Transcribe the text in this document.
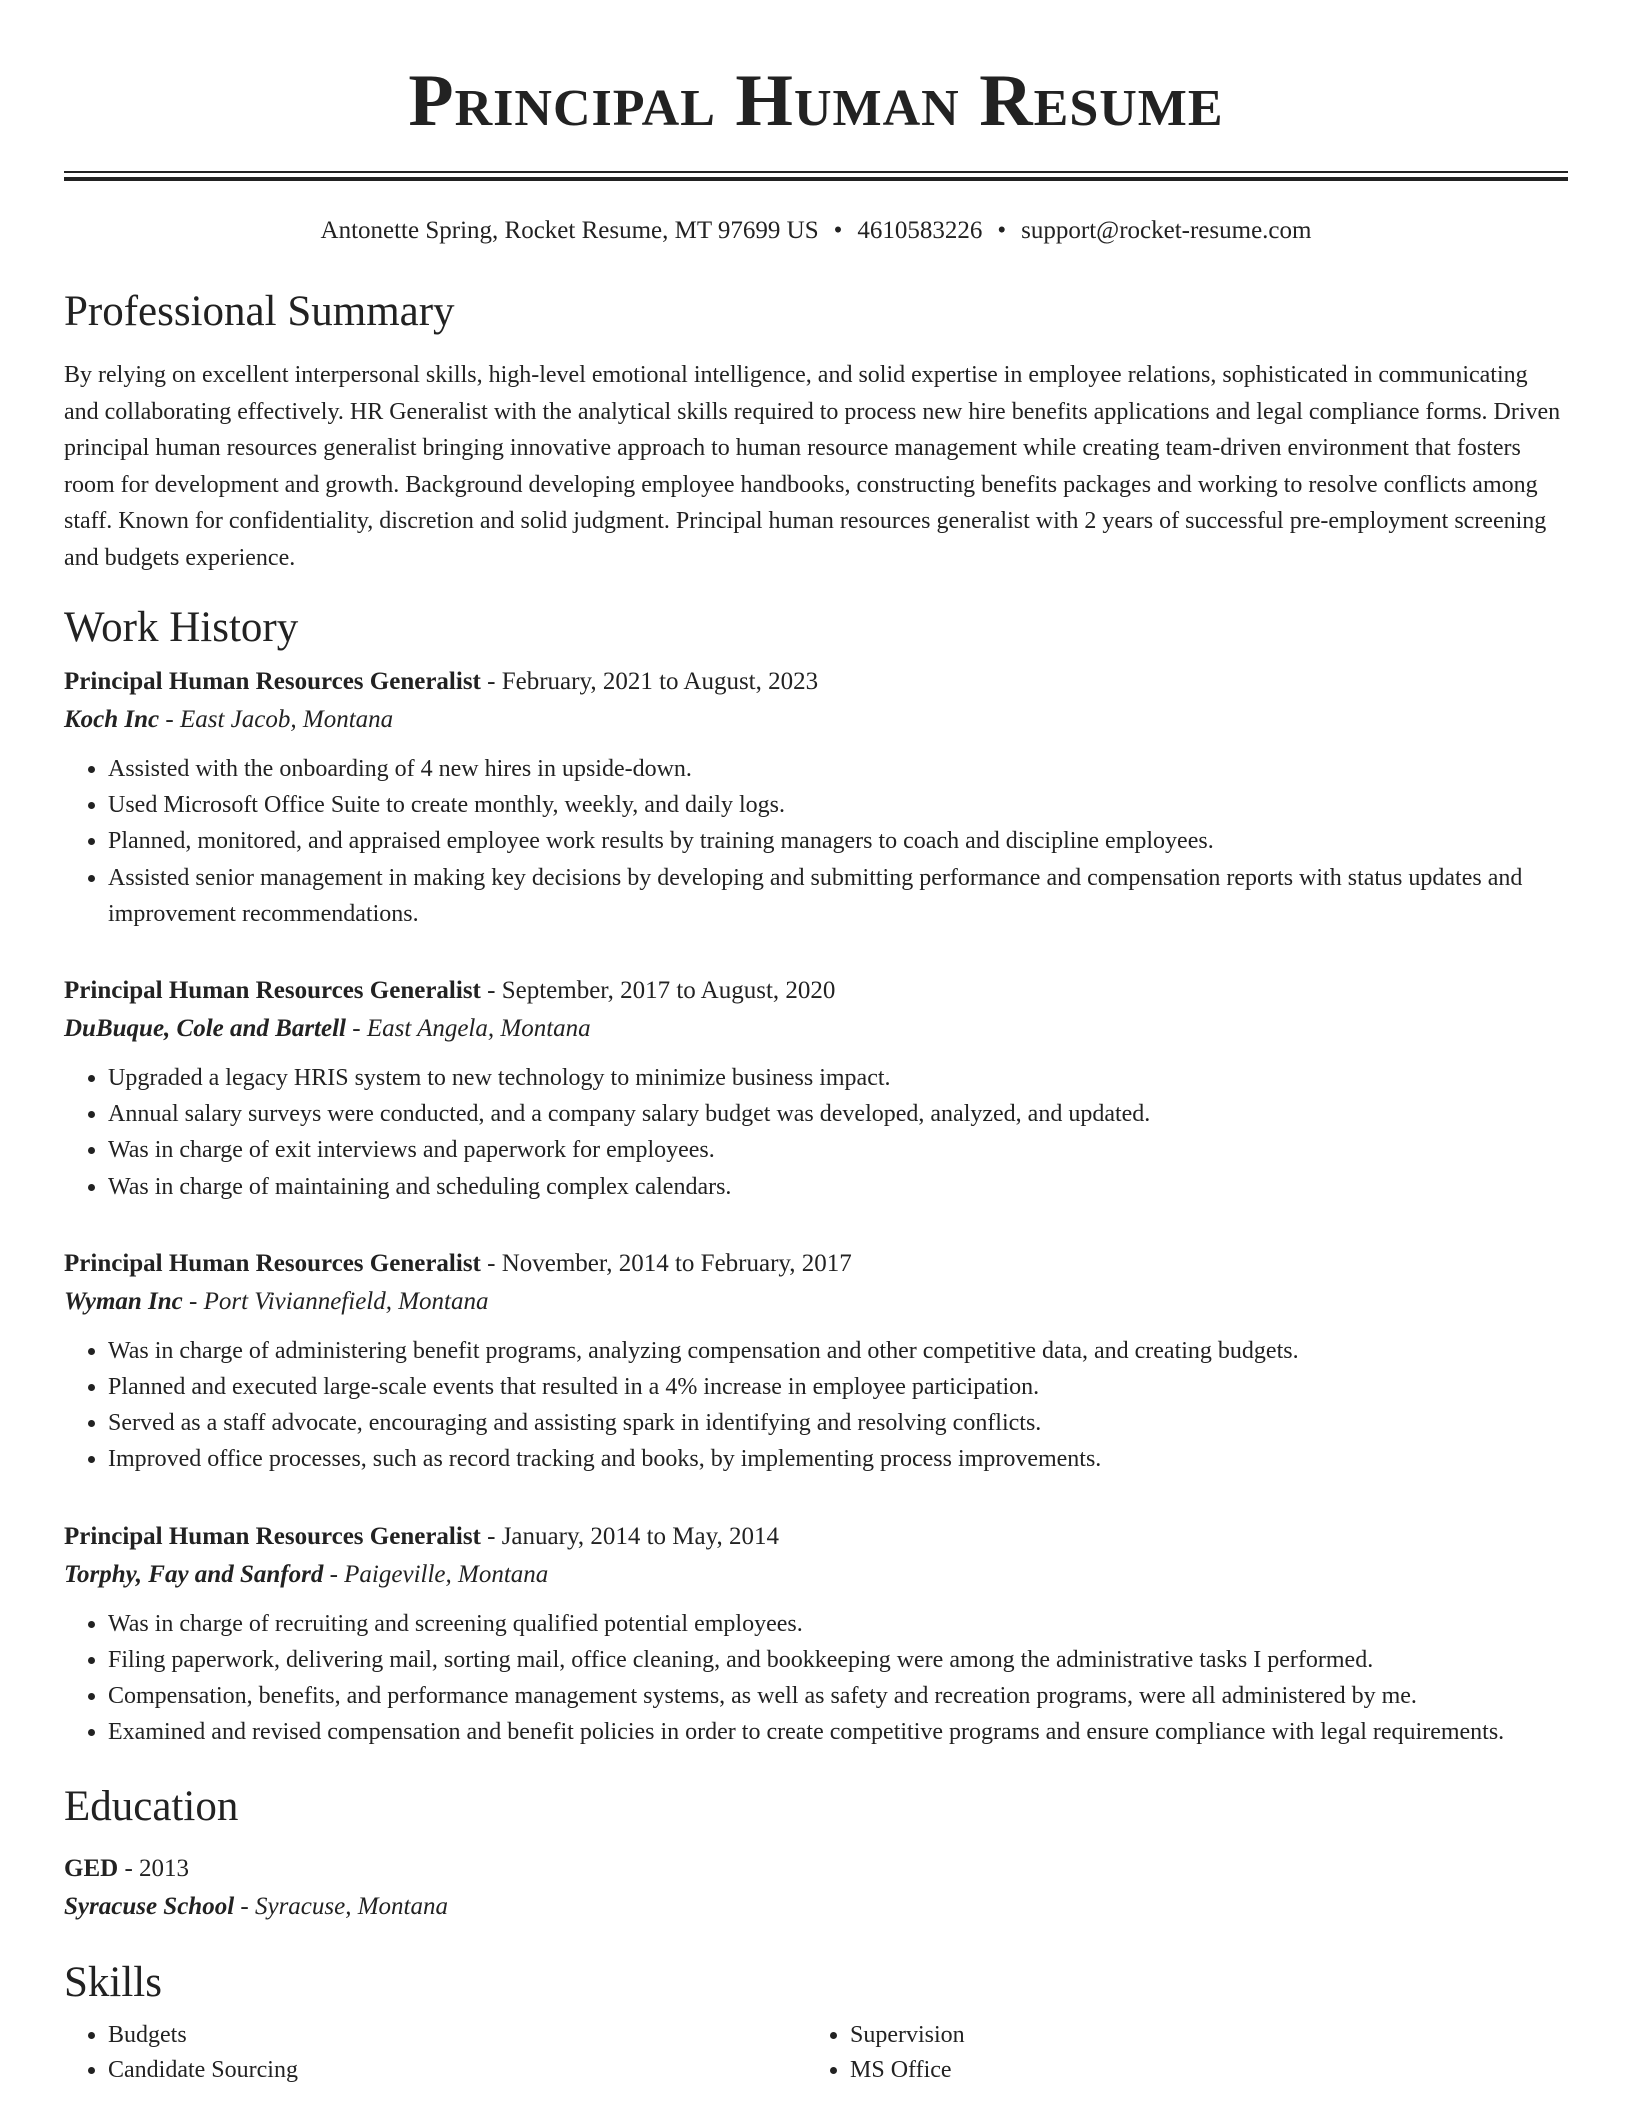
Principal Human Resume
Antonette Spring, Rocket Resume, MT 97699 US • 4610583226 • support@rocket-resume.com
Professional Summary
By relying on excellent interpersonal skills, high-level emotional intelligence, and solid expertise in employee relations, sophisticated in communicating and collaborating effectively. HR Generalist with the analytical skills required to process new hire benefits applications and legal compliance forms. Driven principal human resources generalist bringing innovative approach to human resource management while creating team-driven environment that fosters room for development and growth. Background developing employee handbooks, constructing benefits packages and working to resolve conflicts among staff. Known for confidentiality, discretion and solid judgment. Principal human resources generalist with 2 years of successful pre-employment screening and budgets experience.
Work History
Principal Human Resources Generalist - February, 2021 to August, 2023
Koch Inc - East Jacob, Montana
• Assisted with the onboarding of 4 new hires in upside-down.
• Used Microsoft Office Suite to create monthly, weekly, and daily logs.
• Planned, monitored, and appraised employee work results by training managers to coach and discipline employees.
• Assisted senior management in making key decisions by developing and submitting performance and compensation reports with status updates and improvement recommendations.
Principal Human Resources Generalist - September, 2017 to August, 2020
DuBuque, Cole and Bartell - East Angela, Montana
• Upgraded a legacy HRIS system to new technology to minimize business impact.
• Annual salary surveys were conducted, and a company salary budget was developed, analyzed, and updated.
• Was in charge of exit interviews and paperwork for employees.
• Was in charge of maintaining and scheduling complex calendars.
Principal Human Resources Generalist - November, 2014 to February, 2017
Wyman Inc - Port Viviannefield, Montana
• Was in charge of administering benefit programs, analyzing compensation and other competitive data, and creating budgets.
• Planned and executed large-scale events that resulted in a 4% increase in employee participation.
• Served as a staff advocate, encouraging and assisting spark in identifying and resolving conflicts.
• Improved office processes, such as record tracking and books, by implementing process improvements.
Principal Human Resources Generalist - January, 2014 to May, 2014
Torphy, Fay and Sanford - Paigeville, Montana
• Was in charge of recruiting and screening qualified potential employees.
• Filing paperwork, delivering mail, sorting mail, office cleaning, and bookkeeping were among the administrative tasks I performed.
• Compensation, benefits, and performance management systems, as well as safety and recreation programs, were all administered by me.
• Examined and revised compensation and benefit policies in order to create competitive programs and ensure compliance with legal requirements.
Education
GED - 2013
Syracuse School - Syracuse, Montana
Skills
• Budgets
• Candidate Sourcing
• Supervision
• MS Office
